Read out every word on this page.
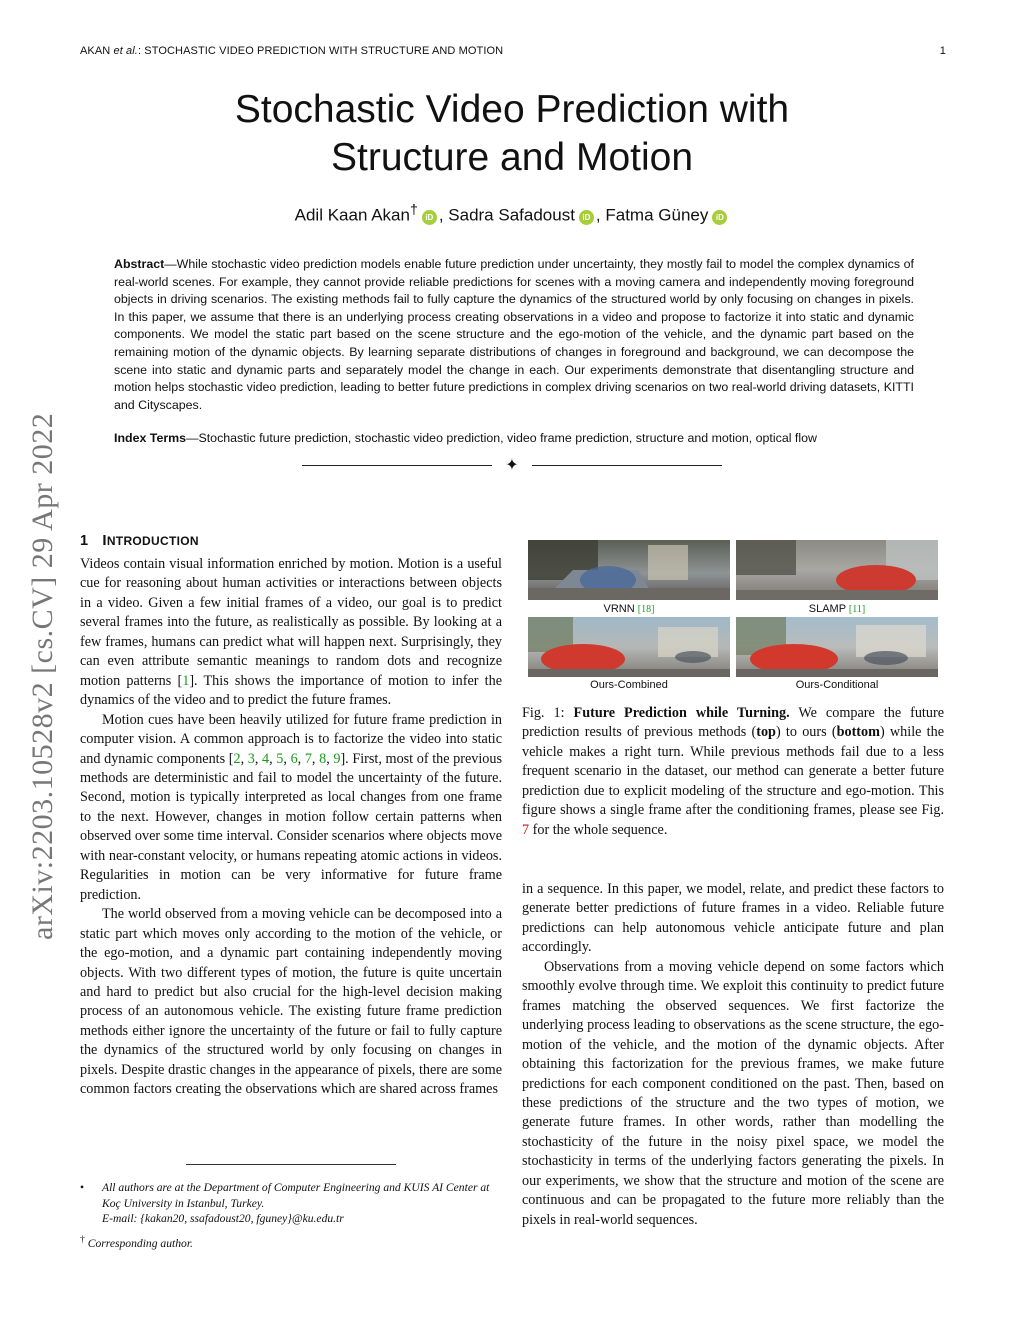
AKAN et al.: STOCHASTIC VIDEO PREDICTION WITH STRUCTURE AND MOTION	1
Stochastic Video Prediction with
Structure and Motion
Adil Kaan Akan† iD , Sadra Safadoust iD , Fatma Güney iD

Abstract—While stochastic video prediction models enable future prediction under uncertainty, they mostly fail to model the complex dynamics of real-world scenes. For example, they cannot provide reliable predictions for scenes with a moving camera and independently moving foreground objects in driving scenarios. The existing methods fail to fully capture the dynamics of the structured world by only focusing on changes in pixels. In this paper, we assume that there is an underlying process creating observations in a video and propose to factorize it into static and dynamic components. We model the static part based on the scene structure and the ego-motion of the vehicle, and the dynamic part based on the remaining motion of the dynamic objects. By learning separate distributions of changes in foreground and background, we can decompose the scene into static and dynamic parts and separately model the change in each. Our experiments demonstrate that disentangling structure and motion helps stochastic video prediction, leading to better future predictions in complex driving scenarios on two real-world driving datasets, KITTI and Cityscapes.

Index Terms—Stochastic future prediction, stochastic video prediction, video frame prediction, structure and motion, optical flow

✦
arXiv:2203.10528v2 [cs.CV] 29 Apr 2022 1 INTRODUCTION

Videos contain visual information enriched by motion. Motion is a useful cue for reasoning about human activities or interactions between objects in a video. Given a few initial frames of a video, our goal is to predict several frames into the future, as realistically as possible. By looking at a few frames, humans can predict what will happen next. Surprisingly, they can even attribute semantic meanings to random dots and recognize motion patterns [1]. This shows the importance of motion to infer the dynamics of the video and to predict the future frames.

Motion cues have been heavily utilized for future frame prediction in computer vision. A common approach is to factorize the video into static and dynamic components [2, 3, 4, 5, 6, 7, 8, 9]. First, most of the previous methods are deterministic and fail to model the uncertainty of the future. Second, motion is typically interpreted as local changes from one frame to the next. However, changes in motion follow certain patterns when observed over some time interval. Consider scenarios where objects move with near-constant velocity, or humans repeating atomic actions in videos. Regularities in motion can be very informative for future frame prediction.

The world observed from a moving vehicle can be decomposed into a static part which moves only according to the motion of the vehicle, or the ego-motion, and a dynamic part containing independently moving objects. With two different types of motion, the future is quite uncertain and hard to predict but also crucial for the high-level decision making process of an autonomous vehicle. The existing future frame prediction methods either ignore the uncertainty of the future or fail to fully capture the dynamics of the structured world by only focusing on changes in pixels. Despite drastic changes in the appearance of pixels, there are some common factors creating the observations which are shared across frames

• All authors are at the Department of Computer Engineering and KUIS AI Center at Koç University in Istanbul, Turkey.
E-mail: {kakan20, ssafadoust20, fguney}@ku.edu.tr
† Corresponding author.
VRNN [18]	SLAMP [11]
Ours-Combined	Ours-Conditional

Fig. 1: Future Prediction while Turning. We compare the future prediction results of previous methods (top) to ours (bottom) while the vehicle makes a right turn. While previous methods fail due to a less frequent scenario in the dataset, our method can generate a better future prediction due to explicit modeling of the structure and ego-motion. This figure shows a single frame after the conditioning frames, please see Fig. 7 for the whole sequence.

in a sequence. In this paper, we model, relate, and predict these factors to generate better predictions of future frames in a video. Reliable future predictions can help autonomous vehicle anticipate future and plan accordingly.

Observations from a moving vehicle depend on some factors which smoothly evolve through time. We exploit this continuity to predict future frames matching the observed sequences. We first factorize the underlying process leading to observations as the scene structure, the ego-motion of the vehicle, and the motion of the dynamic objects. After obtaining this factorization for the previous frames, we make future predictions for each component conditioned on the past. Then, based on these predictions of the structure and the two types of motion, we generate future frames. In other words, rather than modelling the stochasticity of the future in the noisy pixel space, we model the stochasticity in terms of the underlying factors generating the pixels. In our experiments, we show that the structure and motion of the scene are continuous and can be propagated to the future more reliably than the pixels in real-world sequences.
